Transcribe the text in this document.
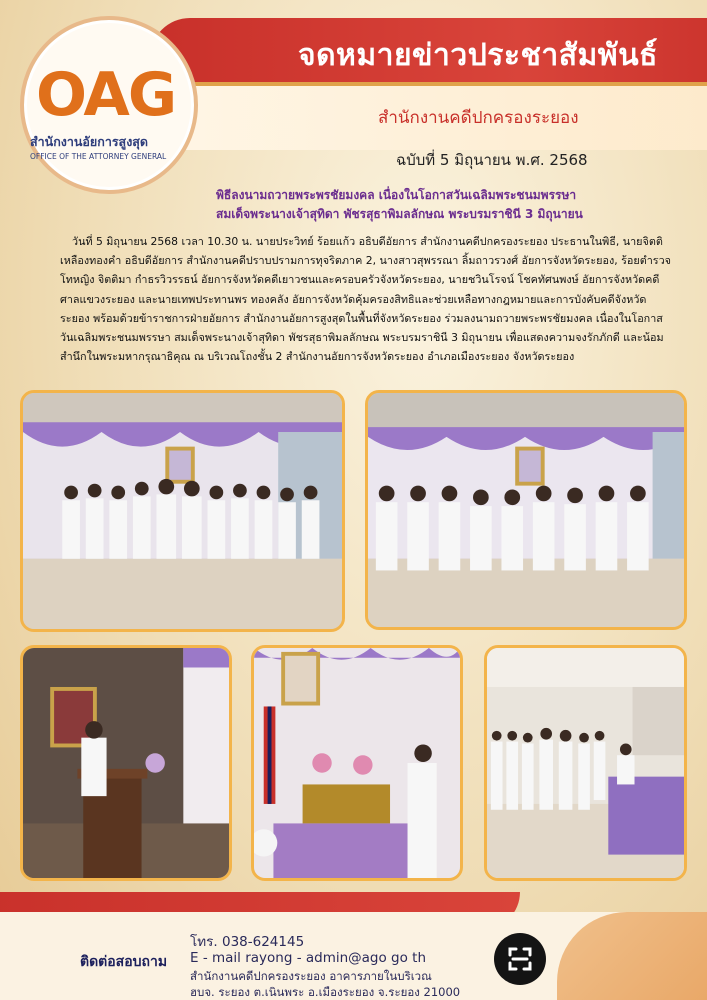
จดหมายข่าวประชาสัมพันธ์
สำนักงานคดีปกครองระยอง
ฉบับที่ 5 มิถุนายน พ.ศ. 2568
OAG
สำนักงานอัยการสูงสุด
OFFICE OF THE ATTORNEY GENERAL
พิธีลงนามถวายพระพรชัยมงคล เนื่องในโอกาสวันเฉลิมพระชนมพรรษา
สมเด็จพระนางเจ้าสุทิดา พัชรสุธาพิมลลักษณ พระบรมราชินี 3 มิถุนายน
วันที่ 5 มิถุนายน 2568 เวลา 10.30 น. นายประวิทย์ ร้อยแก้ว อธิบดีอัยการ สำนักงานคดีปกครองระยอง ประธานในพิธี, นายจิตติ เหลืองทองคำ อธิบดีอัยการ สำนักงานคดีปราบปรามการทุจริตภาค 2, นางสาวสุพรรณา ลิ้มถาวรวงศ์ อัยการจังหวัดระยอง, ร้อยตำรวจโทหญิง จิตติมา กำธรวิวรรธน์ อัยการจังหวัดคดีเยาวชนและครอบครัวจังหวัดระยอง, นายชวินโรจน์ โชคทัศนพงษ์ อัยการจังหวัดคดีศาลแขวงระยอง และนายเทพประทานพร ทองคลัง อัยการจังหวัดคุ้มครองสิทธิและช่วยเหลือทางกฎหมายและการบังคับคดีจังหวัดระยอง พร้อมด้วยข้าราชการฝ่ายอัยการ สำนักงานอัยการสูงสุดในพื้นที่จังหวัดระยอง ร่วมลงนามถวายพระพรชัยมงคล เนื่องในโอกาสวันเฉลิมพระชนมพรรษา สมเด็จพระนางเจ้าสุทิดา พัชรสุธาพิมลลักษณ พระบรมราชินี 3 มิถุนายน เพื่อแสดงความจงรักภักดี และน้อมสำนึกในพระมหากรุณาธิคุณ ณ บริเวณโถงชั้น 2 สำนักงานอัยการจังหวัดระยอง อำเภอเมืองระยอง จังหวัดระยอง
ติดต่อสอบถาม
โทร. 038-624145
E - mail rayong - admin@ago go th
สำนักงานคดีปกครองระยอง อาคารภายในบริเวณ
ฮบจ. ระยอง ต.เนินพระ อ.เมืองระยอง จ.ระยอง 21000
